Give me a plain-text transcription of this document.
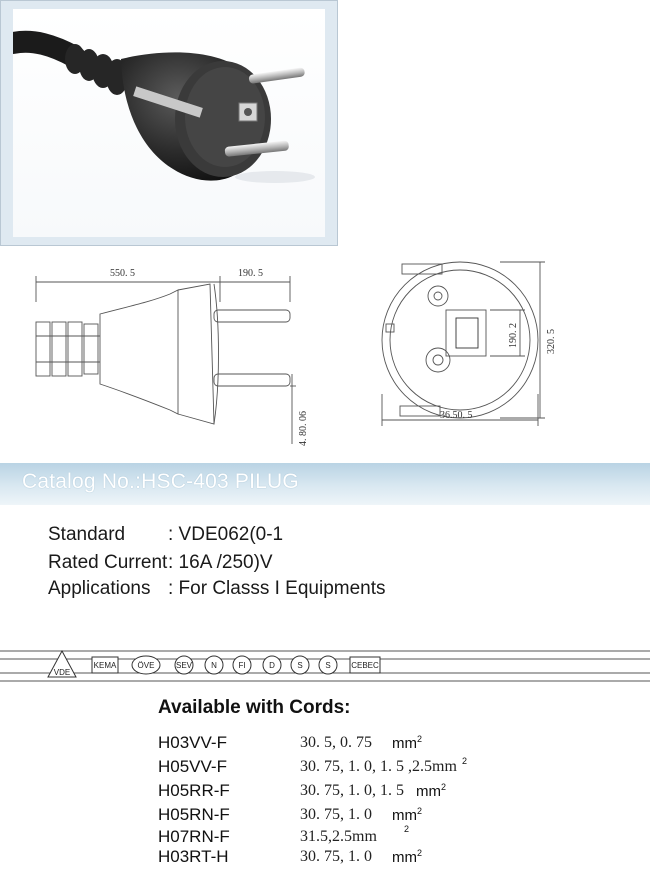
550. 5	190. 5
4. 80. 06
320. 5
190. 2
36.50. 5
Catalog No.:HSC-403 PILUG
Standard : VDE062(0-1
Rated Current : 16A /250)V
Applications : For Classs I Equipments
VDE
KEMA	ÖVE	SEV N	FI	D	S	S	CEBEC
Available with Cords:
H03VV-F	30. 5, 0. 75 $mm^2$
H05VV-F	30. 75, 1. 0, 1. 5 ,2.5mm $^2$
H05RR-F	30. 75, 1. 0, 1. 5 $mm^2$
H05RN-F	30. 75, 1. 0 $mm^2$
H07RN-F	31.5,2.5mm	$^2$
H03RT-H	30. 75, 1. 0 $mm^2$
